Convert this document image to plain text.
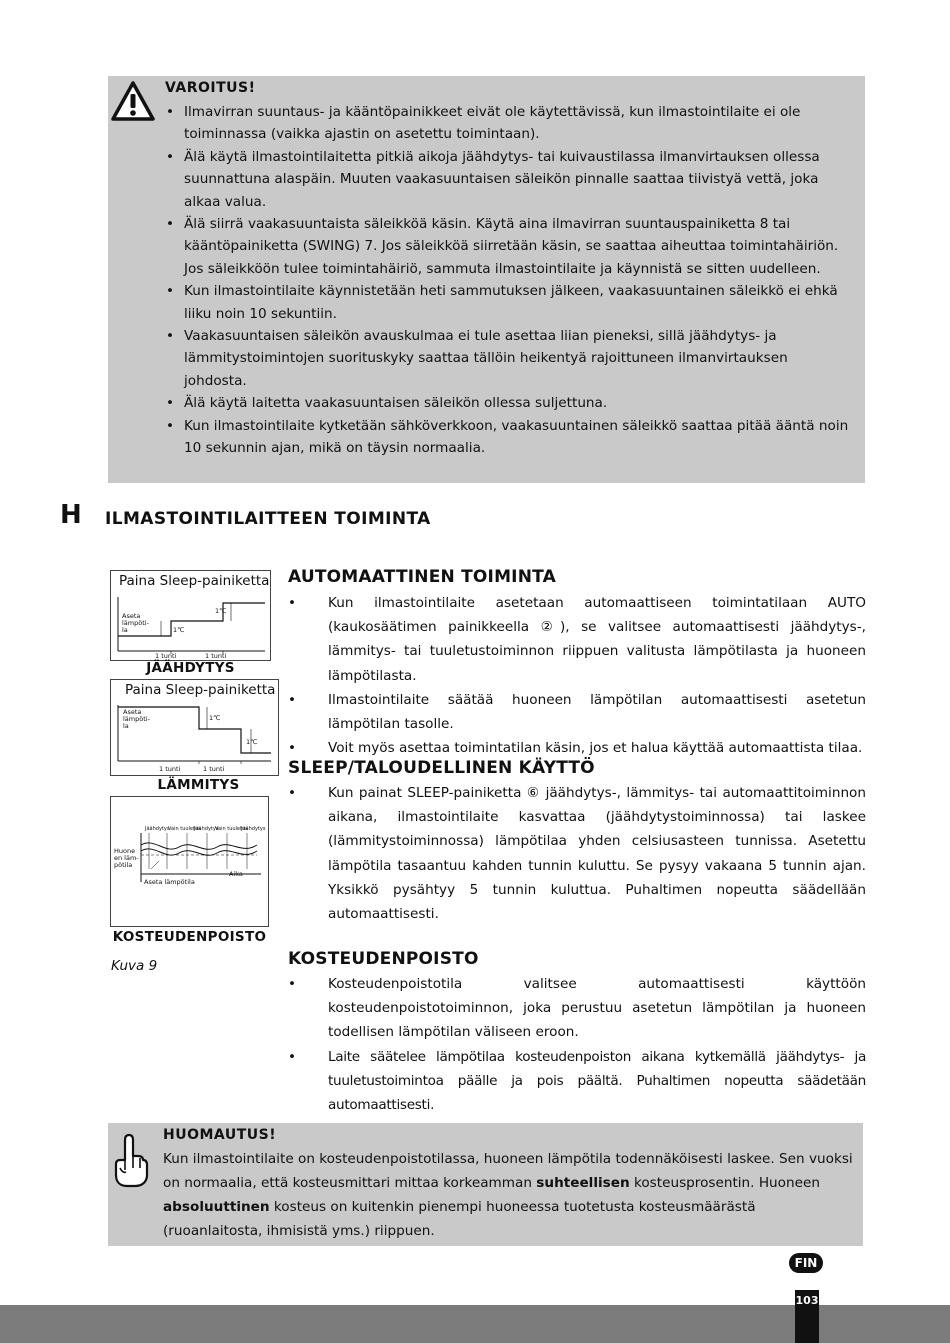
VAROITUS!
• Ilmavirran suuntaus- ja kääntöpainikkeet eivät ole käytettävissä, kun ilmastointilaite ei ole toiminnassa (vaikka ajastin on asetettu toimintaan).
• Älä käytä ilmastointilaitetta pitkiä aikoja jäähdytys- tai kuivaustilassa ilmanvirtauksen ollessa suunnattuna alaspäin. Muuten vaakasuuntaisen säleikön pinnalle saattaa tiivistyä vettä, joka alkaa valua.
• Älä siirrä vaakasuuntaista säleikköä käsin. Käytä aina ilmavirran suuntauspainiketta 8 tai kääntöpainiketta (SWING) 7. Jos säleikköä siirretään käsin, se saattaa aiheuttaa toimintahäiriön. Jos säleikköön tulee toimintahäiriö, sammuta ilmastointilaite ja käynnistä se sitten uudelleen.
• Kun ilmastointilaite käynnistetään heti sammutuksen jälkeen, vaakasuuntainen säleikkö ei ehkä liiku noin 10 sekuntiin.
• Vaakasuuntaisen säleikön avauskulmaa ei tule asettaa liian pieneksi, sillä jäähdytys- ja lämmitystoimintojen suorituskyky saattaa tällöin heikentyä rajoittuneen ilmanvirtauksen johdosta.
• Älä käytä laitetta vaakasuuntaisen säleikön ollessa suljettuna.
• Kun ilmastointilaite kytketään sähköverkkoon, vaakasuuntainen säleikkö saattaa pitää ääntä noin 10 sekunnin ajan, mikä on täysin normaalia.
H ILMASTOINTILAITTEEN TOIMINTA
Paina Sleep-painiketta
Aseta
lämpöti-
la	1℃
1℃
1 tunti	1 tunti
JÄÄHDYTYS
Paina Sleep-painiketta
Aseta
lämpöti-
la
1℃
1℃
1 tunti	1 tunti
LÄMMITYS
Jäähdytys
Vain tuuletus
Jäähdytys
Vain tuuletus
Jäähdytys
Huone
en läm-
pötila
Aseta lämpötila
Aika
KOSTEUDENPOISTO
Kuva 9
AUTOMAATTINEN TOIMINTA
• Kun ilmastointilaite asetetaan automaattiseen toimintatilaan AUTO (kaukosäätimen painikkeella ②), se valitsee automaattisesti jäähdytys-, lämmitys- tai tuuletustoiminnon riippuen valitusta lämpötilasta ja huoneen lämpötilasta.
• Ilmastointilaite säätää huoneen lämpötilan automaattisesti asetetun lämpötilan tasolle.
• Voit myös asettaa toimintatilan käsin, jos et halua käyttää automaattista tilaa.
SLEEP/TALOUDELLINEN KÄYTTÖ
• Kun painat SLEEP-painiketta ⑥ jäähdytys-, lämmitys- tai automaattitoiminnon aikana, ilmastointilaite kasvattaa (jäähdytystoiminnossa) tai laskee (lämmitystoiminnossa) lämpötilaa yhden celsiusasteen tunnissa. Asetettu lämpötila tasaantuu kahden tunnin kuluttu. Se pysyy vakaana 5 tunnin ajan. Yksikkö pysähtyy 5 tunnin kuluttua. Puhaltimen nopeutta säädellään automaattisesti.
KOSTEUDENPOISTO
• Kosteudenpoistotila valitsee automaattisesti käyttöön kosteudenpoistotoiminnon, joka perustuu asetetun lämpötilan ja huoneen todellisen lämpötilan väliseen eroon.
• Laite säätelee lämpötilaa kosteudenpoiston aikana kytkemällä jäähdytys- ja tuuletustoimintoa päälle ja pois päältä. Puhaltimen nopeutta säädetään automaattisesti.
•
HUOMAUTUS!
Kun ilmastointilaite on kosteudenpoistotilassa, huoneen lämpötila todennäköisesti laskee. Sen vuoksi on normaalia, että kosteusmittari mittaa korkeamman suhteellisen kosteusprosentin. Huoneen absoluuttinen kosteus on kuitenkin pienempi huoneessa tuotetusta kosteusmäärästä (ruoanlaitosta, ihmisistä yms.) riippuen.
FIN
103
